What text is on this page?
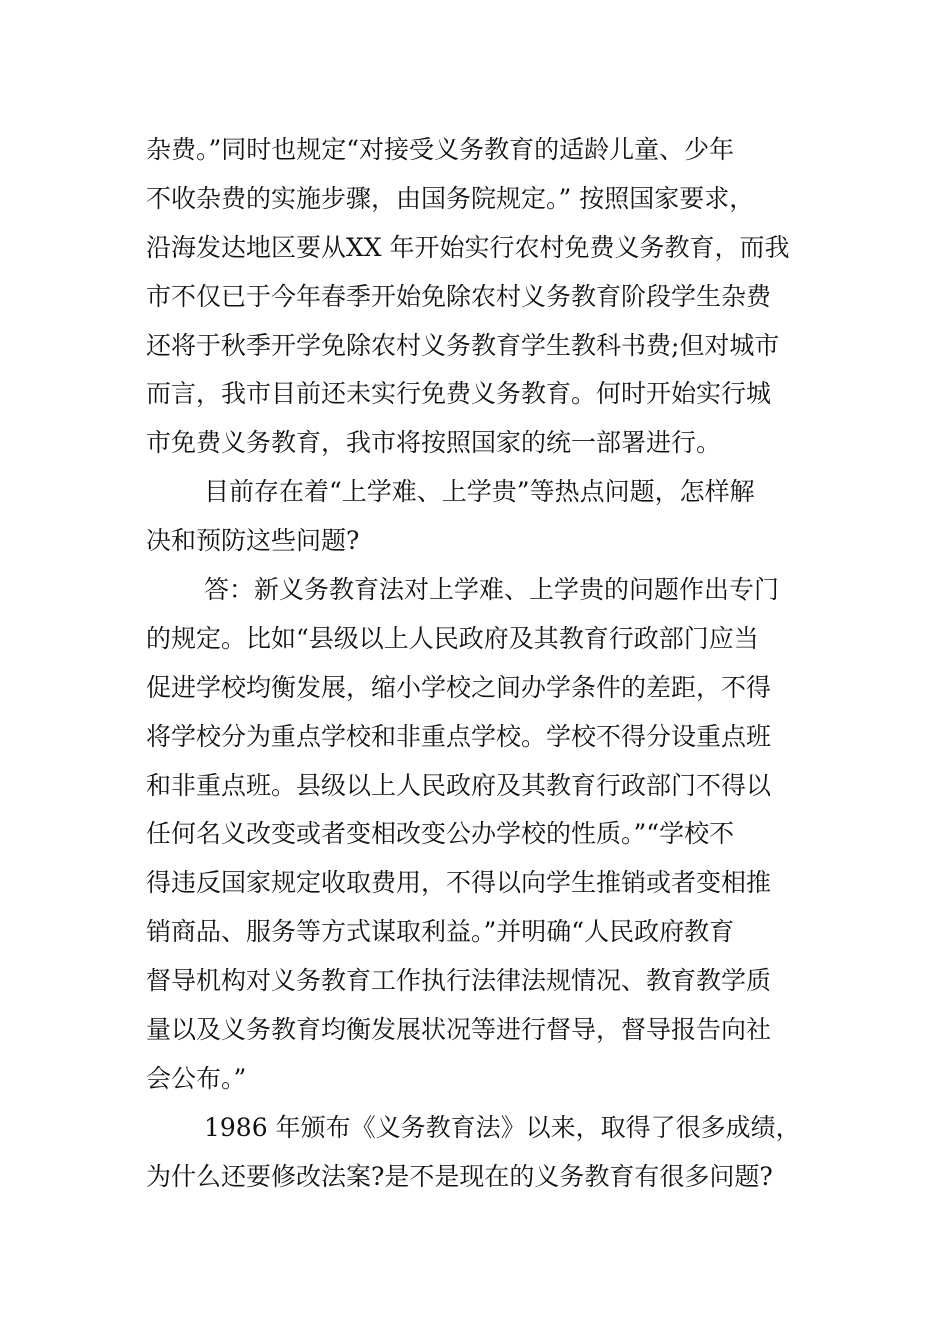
杂费。”同时也规定“对接受义务教育的适龄儿童、少年
不收杂费的实施步骤，由国务院规定。” 按照国家要求，
沿海发达地区要从XX 年开始实行农村免费义务教育，而我
市不仅已于今年春季开始免除农村义务教育阶段学生杂费
还将于秋季开学免除农村义务教育学生教科书费;但对城市
而言，我市目前还未实行免费义务教育。何时开始实行城
市免费义务教育，我市将按照国家的统一部署进行。
目前存在着“上学难、上学贵”等热点问题，怎样解
决和预防这些问题?
答：新义务教育法对上学难、上学贵的问题作出专门
的规定。比如“县级以上人民政府及其教育行政部门应当
促进学校均衡发展，缩小学校之间办学条件的差距，不得
将学校分为重点学校和非重点学校。学校不得分设重点班
和非重点班。县级以上人民政府及其教育行政部门不得以
任何名义改变或者变相改变公办学校的性质。”“学校不
得违反国家规定收取费用，不得以向学生推销或者变相推
销商品、服务等方式谋取利益。”并明确“人民政府教育
督导机构对义务教育工作执行法律法规情况、教育教学质
量以及义务教育均衡发展状况等进行督导，督导报告向社
会公布。”
1986 年颁布《义务教育法》以来，取得了很多成绩，
为什么还要修改法案?是不是现在的义务教育有很多问题?
